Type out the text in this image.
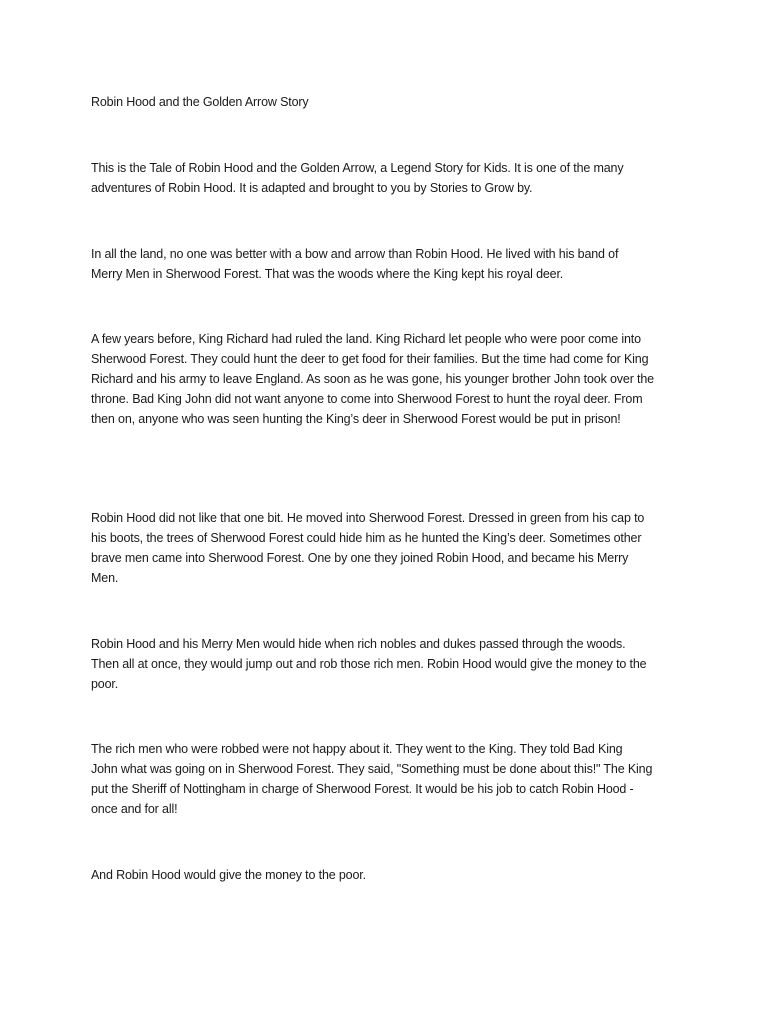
Robin Hood and the Golden Arrow Story

This is the Tale of Robin Hood and the Golden Arrow, a Legend Story for Kids. It is one of the many

adventures of Robin Hood. It is adapted and brought to you by Stories to Grow by.

In all the land, no one was better with a bow and arrow than Robin Hood. He lived with his band of

Merry Men in Sherwood Forest. That was the woods where the King kept his royal deer.

A few years before, King Richard had ruled the land. King Richard let people who were poor come into

Sherwood Forest. They could hunt the deer to get food for their families. But the time had come for King

Richard and his army to leave England. As soon as he was gone, his younger brother John took over the

throne. Bad King John did not want anyone to come into Sherwood Forest to hunt the royal deer. From

then on, anyone who was seen hunting the King’s deer in Sherwood Forest would be put in prison!

Robin Hood did not like that one bit. He moved into Sherwood Forest. Dressed in green from his cap to

his boots, the trees of Sherwood Forest could hide him as he hunted the King’s deer. Sometimes other

brave men came into Sherwood Forest. One by one they joined Robin Hood, and became his Merry

Men.

Robin Hood and his Merry Men would hide when rich nobles and dukes passed through the woods.

Then all at once, they would jump out and rob those rich men. Robin Hood would give the money to the

poor.

The rich men who were robbed were not happy about it. They went to the King. They told Bad King

John what was going on in Sherwood Forest. They said, "Something must be done about this!" The King

put the Sheriff of Nottingham in charge of Sherwood Forest. It would be his job to catch Robin Hood -

once and for all!

And Robin Hood would give the money to the poor.
